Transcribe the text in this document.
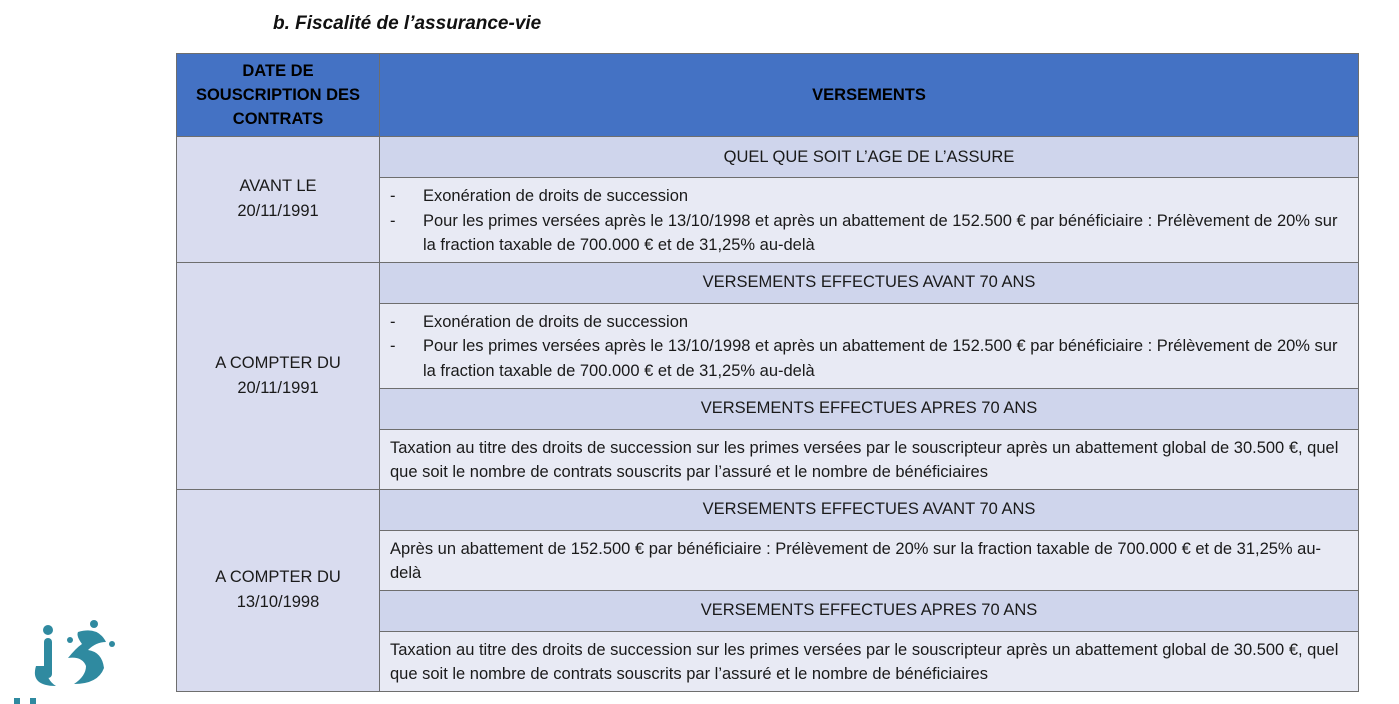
b. Fiscalité de l’assurance-vie
DATE DE SOUSCRIPTION DES CONTRATS	VERSEMENTS

AVANT LE 20/11/1991	QUEL QUE SOIT L’AGE DE L’ASSURE

	- Exonération de droits de succession
- Pour les primes versées après le 13/10/1998 et après un abattement de 152.500 € par bénéficiaire : Prélèvement de 20% sur la fraction taxable de 700.000 € et de 31,25% au-delà

A COMPTER DU 20/11/1991	VERSEMENTS EFFECTUES AVANT 70 ANS

	- Exonération de droits de succession
- Pour les primes versées après le 13/10/1998 et après un abattement de 152.500 € par bénéficiaire : Prélèvement de 20% sur la fraction taxable de 700.000 € et de 31,25% au-delà

	VERSEMENTS EFFECTUES APRES 70 ANS
	Taxation au titre des droits de succession sur les primes versées par le souscripteur après un abattement global de 30.500 €, quel que soit le nombre de contrats souscrits par l’assuré et le nombre de bénéficiaires

A COMPTER DU 13/10/1998	VERSEMENTS EFFECTUES AVANT 70 ANS
	Après un abattement de 152.500 € par bénéficiaire : Prélèvement de 20% sur la fraction taxable de 700.000 € et de 31,25% au-delà
	VERSEMENTS EFFECTUES APRES 70 ANS
	Taxation au titre des droits de succession sur les primes versées par le souscripteur après un abattement global de 30.500 €, quel que soit le nombre de contrats souscrits par l’assuré et le nombre de bénéficiaires
